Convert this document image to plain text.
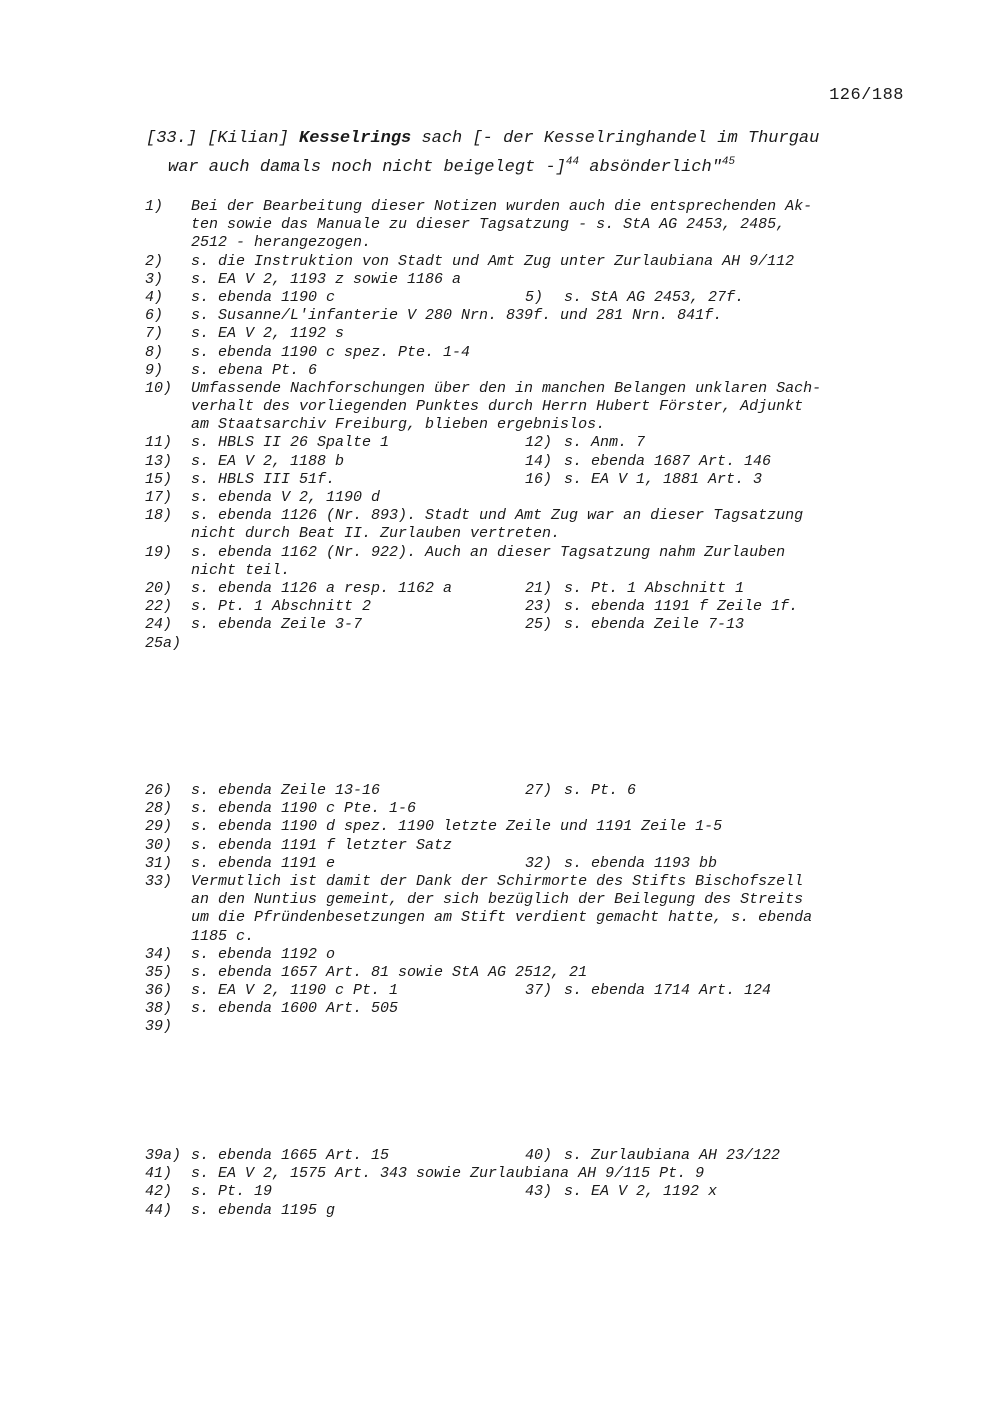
126/188
[33.] [Kilian] Kesselrings sach [- der Kesselringhandel im Thurgau
war auch damals noch nicht beigelegt -]$^{44}$ absönderlich"$^{45}$
1) Bei der Bearbeitung dieser Notizen wurden auch die entsprechenden Ak-
ten sowie das Manuale zu dieser Tagsatzung - s. StA AG 2453, 2485,
2512 - herangezogen.
2) s. die Instruktion von Stadt und Amt Zug unter Zurlaubiana AH 9/112
3) s. EA V 2, 1193 z sowie 1186 a
4) s. ebenda 1190 c	5) s. StA AG 2453, 27f.
6) s. Susanne/L'infanterie V 280 Nrn. 839f. und 281 Nrn. 841f.
7) s. EA V 2, 1192 s
8) s. ebenda 1190 c spez. Pte. 1-4
9) s. ebena Pt. 6
10) Umfassende Nachforschungen über den in manchen Belangen unklaren Sach-
verhalt des vorliegenden Punktes durch Herrn Hubert Förster, Adjunkt
am Staatsarchiv Freiburg, blieben ergebnislos.
11) s. HBLS II 26 Spalte 1	12) s. Anm. 7
13) s. EA V 2, 1188 b	14) s. ebenda 1687 Art. 146
15) s. HBLS III 51f.	16) s. EA V 1, 1881 Art. 3
17) s. ebenda V 2, 1190 d
18) s. ebenda 1126 (Nr. 893). Stadt und Amt Zug war an dieser Tagsatzung
nicht durch Beat II. Zurlauben vertreten.
19) s. ebenda 1162 (Nr. 922). Auch an dieser Tagsatzung nahm Zurlauben
nicht teil.
20) s. ebenda 1126 a resp. 1162 a	21) s. Pt. 1 Abschnitt 1
22) s. Pt. 1 Abschnitt 2	23) s. ebenda 1191 f Zeile 1f.
24) s. ebenda Zeile 3-7	25) s. ebenda Zeile 7-13
25a)
26) s. ebenda Zeile 13-16	27) s. Pt. 6
28) s. ebenda 1190 c Pte. 1-6
29) s. ebenda 1190 d spez. 1190 letzte Zeile und 1191 Zeile 1-5
30) s. ebenda 1191 f letzter Satz
31) s. ebenda 1191 e	32) s. ebenda 1193 bb
33) Vermutlich ist damit der Dank der Schirmorte des Stifts Bischofszell
an den Nuntius gemeint, der sich bezüglich der Beilegung des Streits
um die Pfründenbesetzungen am Stift verdient gemacht hatte, s. ebenda
1185 c.
34) s. ebenda 1192 o
35) s. ebenda 1657 Art. 81 sowie StA AG 2512, 21
36) s. EA V 2, 1190 c Pt. 1	37) s. ebenda 1714 Art. 124
38) s. ebenda 1600 Art. 505
39)
39a) s. ebenda 1665 Art. 15	40) s. Zurlaubiana AH 23/122
41) s. EA V 2, 1575 Art. 343 sowie Zurlaubiana AH 9/115 Pt. 9
42) s. Pt. 19	43) s. EA V 2, 1192 x
44) s. ebenda 1195 g
